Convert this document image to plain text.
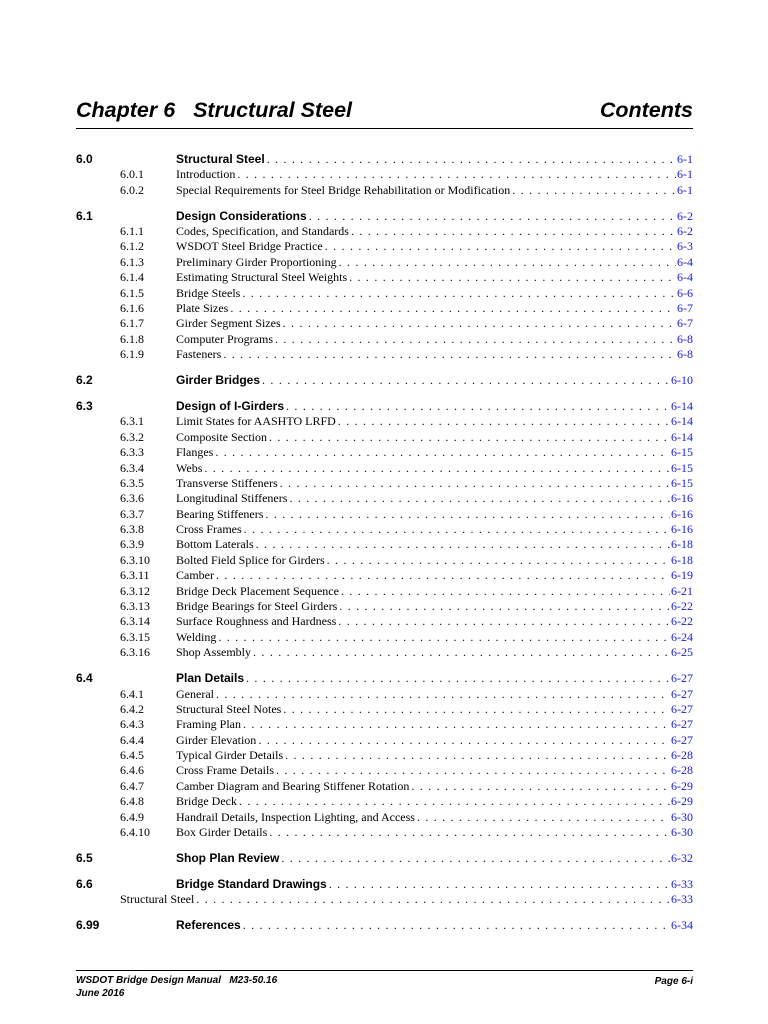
Chapter 6   Structural Steel	Contents
6.0	Structural Steel . . .	6-1
6.0.1	Introduction . . .	6-1
6.0.2	Special Requirements for Steel Bridge Rehabilitation or Modification . . .	6-1
6.1	Design Considerations . . .	6-2
6.1.1	Codes, Specification, and Standards . . .	6-2
6.1.2	WSDOT Steel Bridge Practice . . .	6-3
6.1.3	Preliminary Girder Proportioning . . .	6-4
6.1.4	Estimating Structural Steel Weights . . .	6-4
6.1.5	Bridge Steels . . .	6-6
6.1.6	Plate Sizes . . .	6-7
6.1.7	Girder Segment Sizes . . .	6-7
6.1.8	Computer Programs . . .	6-8
6.1.9	Fasteners . . .	6-8
6.2	Girder Bridges . . .	6-10
6.3	Design of I-Girders . . .	6-14
6.3.1	Limit States for AASHTO LRFD . . .	6-14
6.3.2	Composite Section . . .	6-14
6.3.3	Flanges . . .	6-15
6.3.4	Webs . . .	6-15
6.3.5	Transverse Stiffeners . . .	6-15
6.3.6	Longitudinal Stiffeners . . .	6-16
6.3.7	Bearing Stiffeners . . .	6-16
6.3.8	Cross Frames . . .	6-16
6.3.9	Bottom Laterals . . .	6-18
6.3.10 Bolted Field Splice for Girders . . .	6-18
6.3.11 Camber . . .	6-19
6.3.12 Bridge Deck Placement Sequence . . .	6-21
6.3.13 Bridge Bearings for Steel Girders . . .	6-22
6.3.14 Surface Roughness and Hardness . . .	6-22
6.3.15 Welding . . .	6-24
6.3.16 Shop Assembly . . .	6-25
6.4	Plan Details . . .	6-27
6.4.1	General . . .	6-27
6.4.2	Structural Steel Notes . . .	6-27
6.4.3	Framing Plan . . .	6-27
6.4.4	Girder Elevation . . .	6-27
6.4.5	Typical Girder Details . . .	6-28
6.4.6	Cross Frame Details . . .	6-28
6.4.7	Camber Diagram and Bearing Stiffener Rotation . . .	6-29
6.4.8	Bridge Deck . . .	6-29
6.4.9	Handrail Details, Inspection Lighting, and Access . . .	6-30
6.4.10 Box Girder Details . . .	6-30
6.5	Shop Plan Review . . .	6-32
6.6	Bridge Standard Drawings . . .	6-33
Structural Steel . . .	6-33
6.99	References . . .	6-34
WSDOT Bridge Design Manual   M23-50.16
June 2016
Page 6-i
